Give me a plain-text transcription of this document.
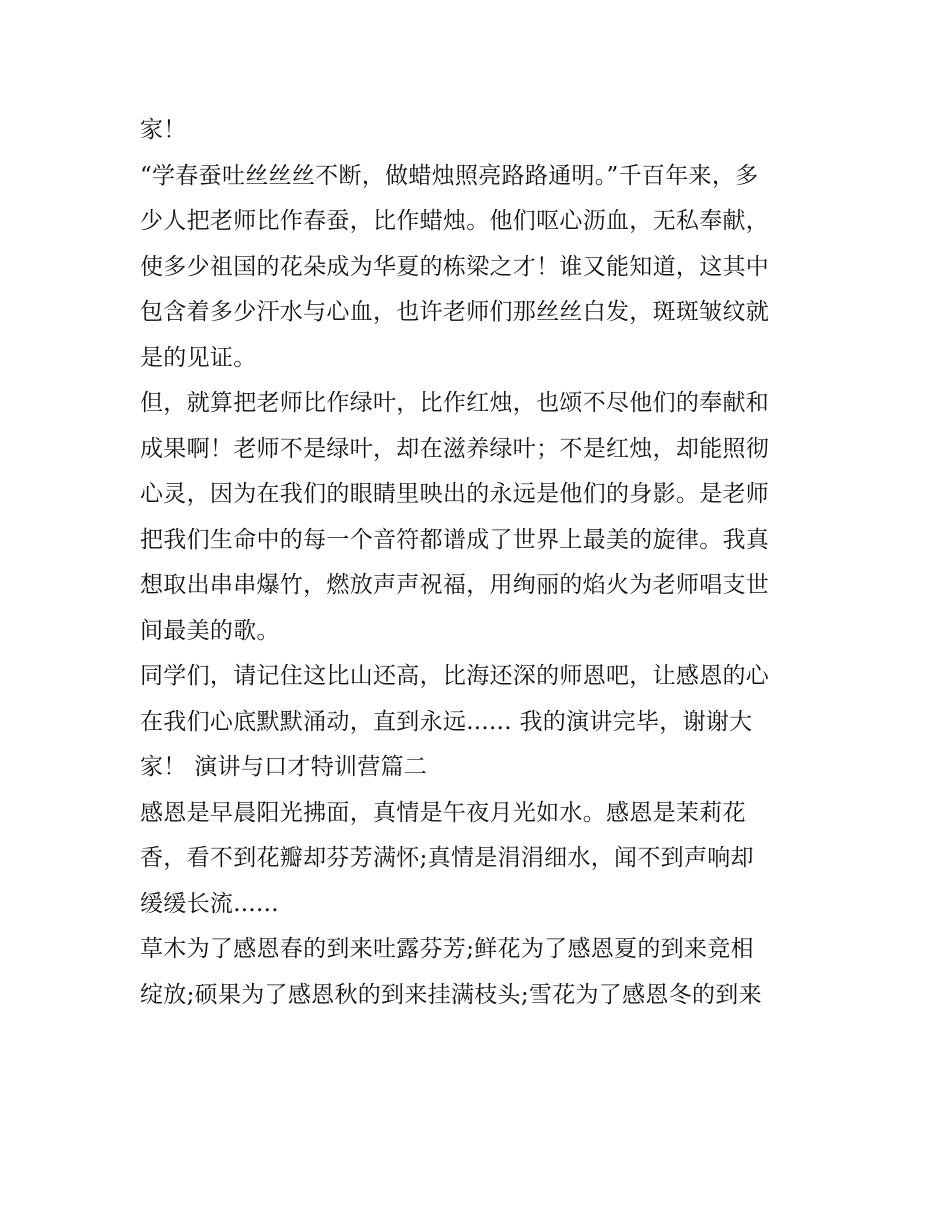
家！
“学春蚕吐丝丝丝不断，做蜡烛照亮路路通明。”千百年来，多
少人把老师比作春蚕，比作蜡烛。他们呕心沥血，无私奉献，
使多少祖国的花朵成为华夏的栋梁之才！谁又能知道，这其中
包含着多少汗水与心血，也许老师们那丝丝白发，斑斑皱纹就
是的见证。
但，就算把老师比作绿叶，比作红烛，也颂不尽他们的奉献和
成果啊！老师不是绿叶，却在滋养绿叶；不是红烛，却能照彻
心灵，因为在我们的眼睛里映出的永远是他们的身影。是老师
把我们生命中的每一个音符都谱成了世界上最美的旋律。我真
想取出串串爆竹，燃放声声祝福，用绚丽的焰火为老师唱支世
间最美的歌。
同学们，请记住这比山还高，比海还深的师恩吧，让感恩的心
在我们心底默默涌动，直到永远...... 我的演讲完毕，谢谢大
家！ 演讲与口才特训营篇二
感恩是早晨阳光拂面，真情是午夜月光如水。感恩是茉莉花
香，看不到花瓣却芬芳满怀;真情是涓涓细水，闻不到声响却
缓缓长流......
草木为了感恩春的到来吐露芬芳;鲜花为了感恩夏的到来竞相
绽放;硕果为了感恩秋的到来挂满枝头;雪花为了感恩冬的到来
